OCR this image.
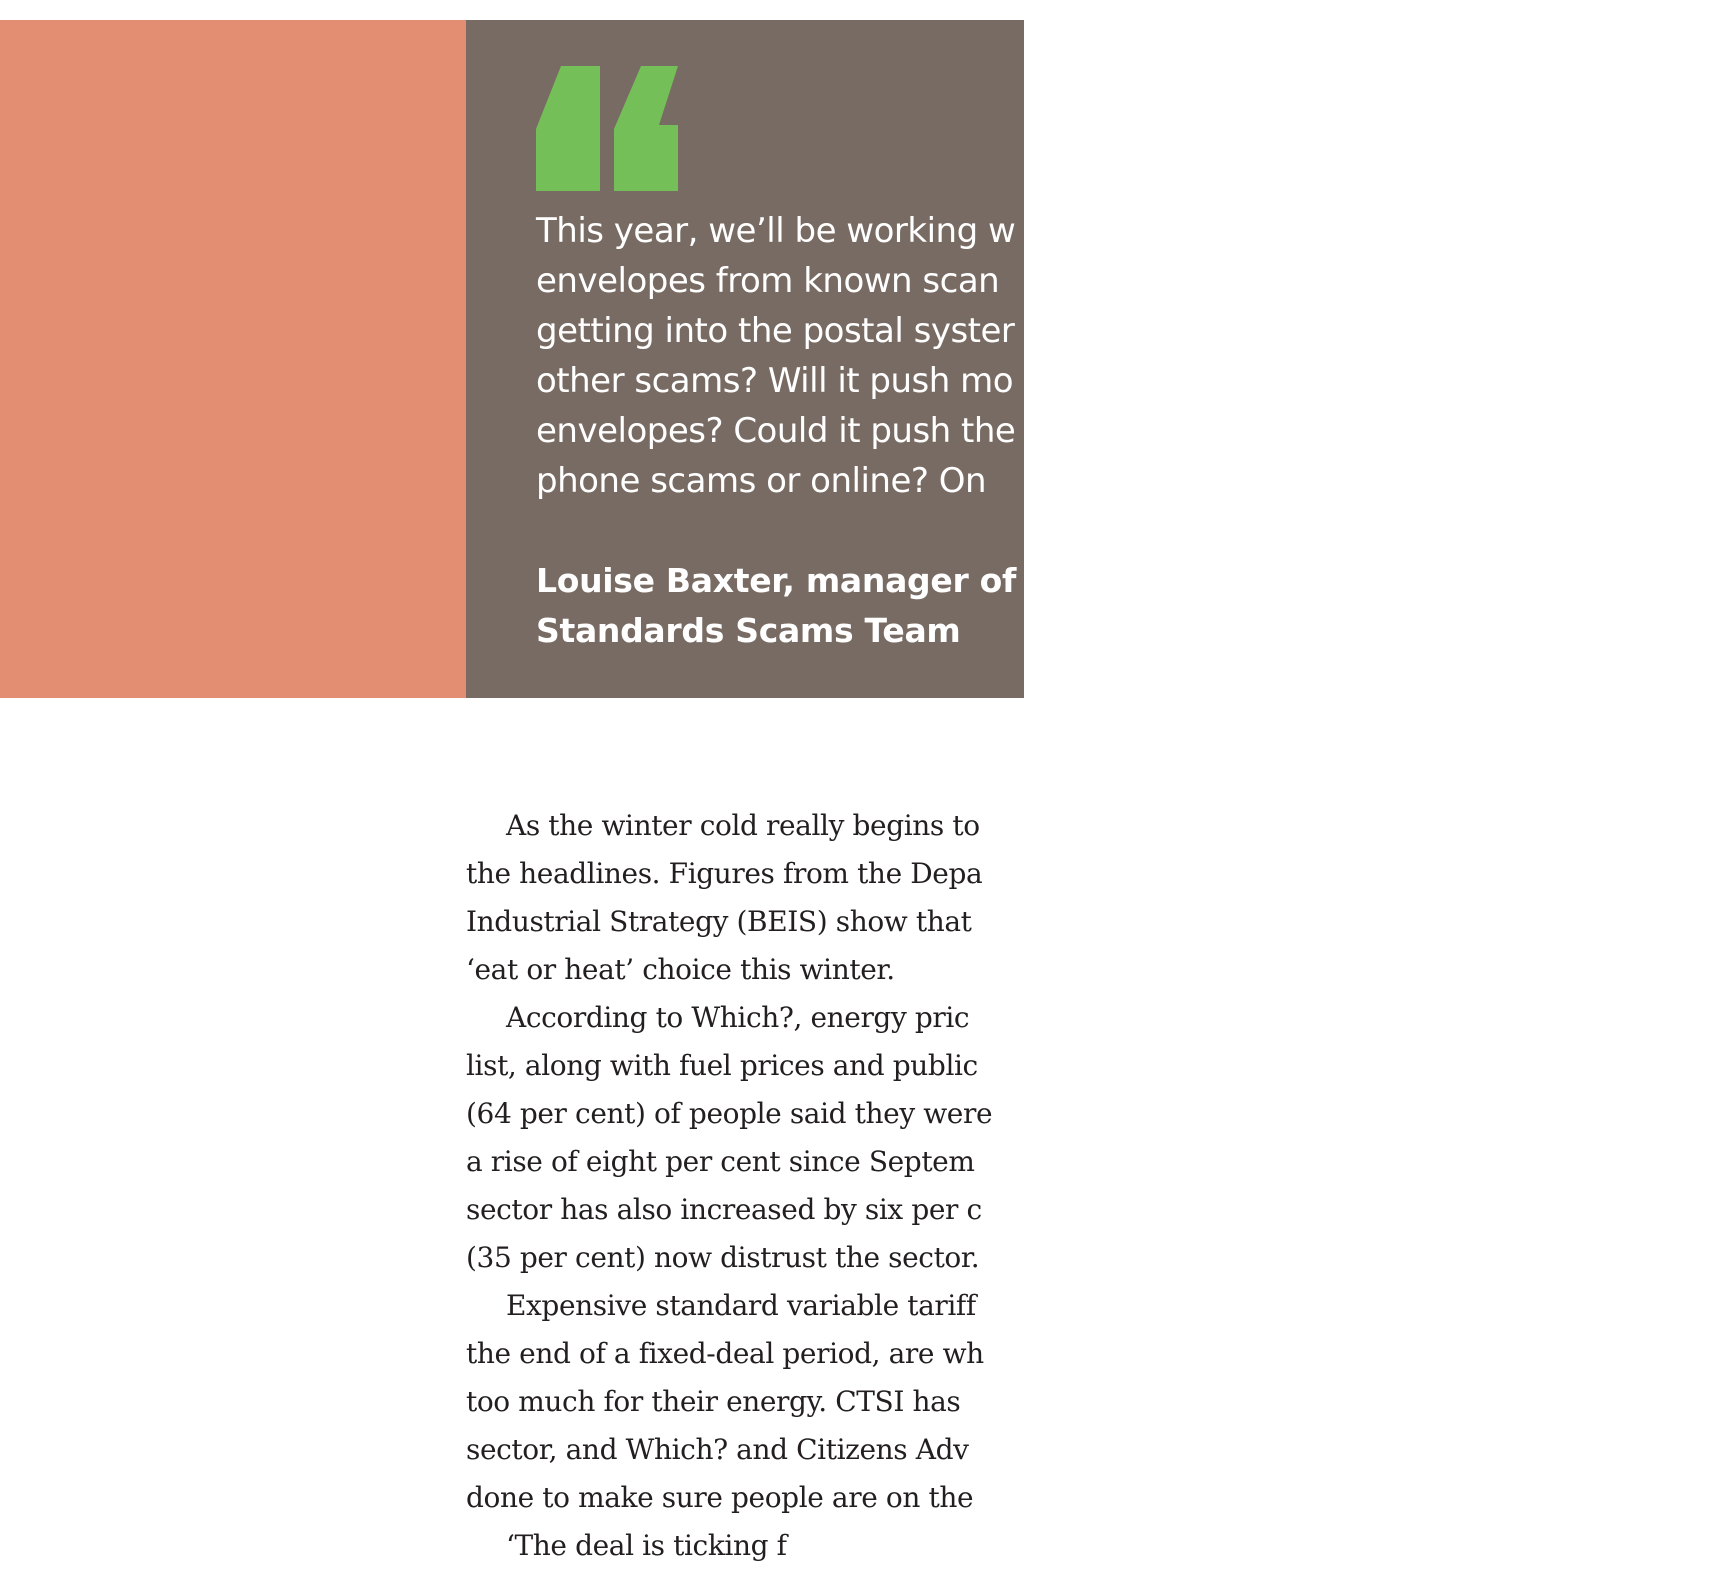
This year, we’ll be working w
envelopes from known scan
getting into the postal syster
other scams? Will it push mo
envelopes? Could it push the
phone scams or online? On

Louise Baxter, manager of
Standards Scams Team

As the winter cold really begins to
the headlines. Figures from the Depa
Industrial Strategy (BEIS) show that
‘eat or heat’ choice this winter.
According to Which?, energy pric
list, along with fuel prices and public
(64 per cent) of people said they were
a rise of eight per cent since Septem
sector has also increased by six per c
(35 per cent) now distrust the sector.
Expensive standard variable tariff
the end of a fixed-deal period, are wh
too much for their energy. CTSI has
sector, and Which? and Citizens Adv
done to make sure people are on the
‘The deal is ticking f
